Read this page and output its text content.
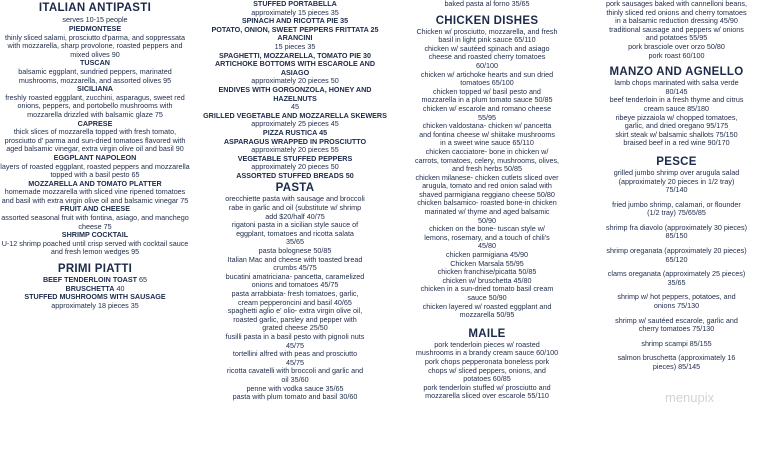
ITALIAN ANTIPASTI
serves 10-15 people
PIEDMONTESE
thinly sliced salami, prosciutto d'parma, and soppressata with mozzarella, sharp provolone, roasted peppers and mixed olives 90
TUSCAN
balsamic eggplant, sundried peppers, marinated mushrooms, mozzarella, and assorted olives 95
SICILIANA
freshly roasted eggplant, zucchini, asparagus, sweet red onions, peppers, and portobello mushrooms with mozzarella drizzled with balsamic glaze 75
CAPRESE
thick slices of mozzarella topped with fresh tomato, prosciutto d' parma and sun-dried tomatoes flavored with aged balsamic vinegar, extra virgin olive oil and basil 90
EGGPLANT NAPOLEON
layers of roasted eggplant, roasted peppers and mozzarella topped with a basil pesto 65
MOZZARELLA AND TOMATO PLATTER
homemade mozzarella with sliced vine ripened tomatoes and basil with extra virgin olive oil and balsamic vinegar 75
FRUIT AND CHEESE
assorted seasonal fruit with fontina, asiago, and manchego cheese 75
SHRIMP COCKTAIL
U-12 shrimp poached until crisp served with cocktail sauce and fresh lemon wedges 95
PRIMI PIATTI
BEEF TENDERLOIN TOAST 65
BRUSCHETTA 40
STUFFED MUSHROOMS WITH SAUSAGE
approximately 18 pieces 35
STUFFED PORTABELLA
approximately 15 pieces 35
SPINACH AND RICOTTA PIE 35
POTATO, ONION, SWEET PEPPERS FRITTATA 25
ARANCINI
15 pieces 35
SPAGHETTI, MOZZARELLA, TOMATO PIE 30
ARTICHOKE BOTTOMS WITH ESCAROLE AND ASIAGO
approximately 20 pieces 50
ENDIVES WITH GORGONZOLA, HONEY AND HAZELNUTS
45
GRILLED VEGETABLE AND MOZZARELLA SKEWERS
approximately 25 pieces 45
PIZZA RUSTICA 45
ASPARAGUS WRAPPED IN PROSCIUTTO
approximately 20 pieces 55
VEGETABLE STUFFED PEPPERS
approximately 20 pieces 50
ASSORTED STUFFED BREADS 50
PASTA
orecchiette pasta with sausage and broccoli
rabe in garlic and oil (substitute w/ shrimp
add $20/half 40/75
rigatoni pasta in a sicilian style sauce of
eggplant, tomatoes and ricotta salata
35/65
pasta bolognese 50/85
Italian Mac and cheese with toasted bread
crumbs 45/75
bucatini amatriciana- pancetta, caramelized
onions and tomatoes 45/75
pasta arrabbiata- fresh tomatoes, garlic,
cream pepperoncini and basil 40/65
spaghetti aglio e' olio- extra virgin olive oil,
roasted garlic, parsley and pepper with
grated cheese 25/50
fusilli pasta in a basil pesto with pignoli nuts
45/75
tortellini alfred with peas and prosciutto
45/75
ricotta cavatelli with broccoli and garlic and
oil 35/60
penne with vodka sauce 35/65
pasta with plum tomato and basil 30/60
baked pasta al forno 35/65
CHICKEN DISHES
Chicken w/ prosciutto, mozzarella, and fresh
basil in light pink sauce 65/110
chicken w/ sautéed spinach and asiago
cheese and roasted cherry tomatoes
60/100
chicken w/ artichoke hearts and sun dried
tomatoes 65/100
chicken topped w/ basil pesto and
mozzarella in a plum tomato sauce 50/85
chicken w/ escarole and romano cheese
55/95
chicken valdostana- chicken w/ pancetta
and fontina cheese w/ shiitake mushrooms
in a sweet wine sauce 65/110
chicken cacciatore- bone in chicken w/
carrots, tomatoes, celery, mushrooms, olives,
and fresh herbs 50/85
chicken milanese- chicken cutlets sliced over
arugula, tomato and red onion salad with
shaved parmigiana reggiano cheese 50/80
chicken balsamico- roasted bone-in chicken
marinated w/ thyme and aged balsamic
50/90
chicken on the bone- tuscan style w/
lemons, rosemary, and a touch of chili's
45/80
chicken parmigiana 45/90
Chicken Marsala 55/95
chicken franchise/picatta 50/85
chicken w/ bruschetta 45/80
chicken in a sun-dried tomato basil cream
sauce 50/90
chicken layered w/ roasted eggplant and
mozzarella 50/95
MAILE
pork tenderloin pieces w/ roasted
mushrooms in a brandy cream sauce 60/100
pork chops pepperonata boneless pork
chops w/ sliced peppers, onions, and
potatoes 60/85
pork tenderloin stuffed w/ prosciutto and
mozzarella sliced over escarole 55/110
pork sausages baked with cannelloni beans,
thinly sliced red onions and cherry tomatoes
in a balsamic reduction dressing 45/90
traditional sausage and peppers w/ onions
and potatoes 55/95
pork brasciole over orzo 50/80
pork roast 60/100
MANZO AND AGNELLO
lamb chops marinated with salsa verde
80/145
beef tenderloin in a fresh thyme and citrus
cream sauce 85/180
ribeye pizzaiola w/ chopped tomatoes,
garlic, and dried oregano 95/175
skirt steak w/ balsamic shallots 75/150
braised beef in a red wine 90/170
PESCE
grilled jumbo shrimp over arugula salad
(approximately 20 pieces in 1/2 tray)
75/140
fried jumbo shrimp, calamari, or flounder
(1/2 tray) 75/65/85
shrimp fra diavolo (approximately 30 pieces)
85/150
shrimp oreganata (approximately 20 pieces)
65/120
clams oreganata (approximately 25 pieces)
35/65
shrimp w/ hot peppers, potatoes, and
onions 75/130
shrimp w/ sautéed escarole, garlic and
cherry tomatoes 75/130
shrimp scampi 85/155
salmon bruschetta (approximately 16
pieces) 85/145
menupix
